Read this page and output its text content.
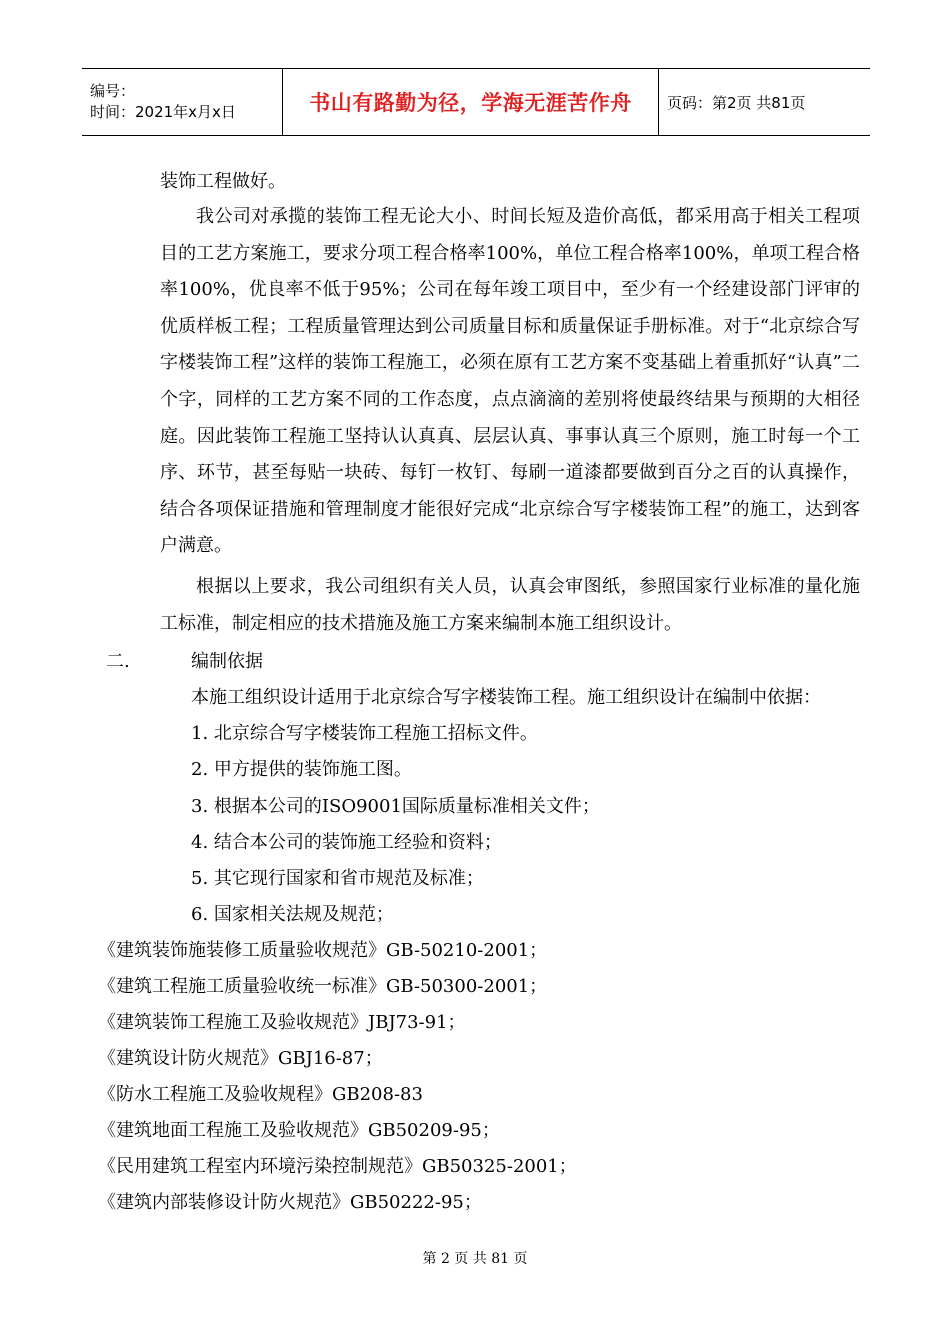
编号：
时间：2021年x月x日	书山有路勤为径，学海无涯苦作舟 页码：第2页 共81页
装饰工程做好。
我公司对承揽的装饰工程无论大小、时间长短及造价高低，都采用高于相关工程项目的工艺方案施工，要求分项工程合格率100%，单位工程合格率100%，单项工程合格率100%，优良率不低于95%；公司在每年竣工项目中，至少有一个经建设部门评审的优质样板工程；工程质量管理达到公司质量目标和质量保证手册标准。对于“北京综合写字楼装饰工程”这样的装饰工程施工，必须在原有工艺方案不变基础上着重抓好“认真”二个字，同样的工艺方案不同的工作态度，点点滴滴的差别将使最终结果与预期的大相径庭。因此装饰工程施工坚持认认真真、层层认真、事事认真三个原则，施工时每一个工序、环节，甚至每贴一块砖、每钉一枚钉、每刷一道漆都要做到百分之百的认真操作，结合各项保证措施和管理制度才能很好完成“北京综合写字楼装饰工程”的施工，达到客户满意。
根据以上要求，我公司组织有关人员，认真会审图纸，参照国家行业标准的量化施工标准，制定相应的技术措施及施工方案来编制本施工组织设计。
二.	编制依据
本施工组织设计适用于北京综合写字楼装饰工程。施工组织设计在编制中依据：
1. 北京综合写字楼装饰工程施工招标文件。
2. 甲方提供的装饰施工图。
3. 根据本公司的ISO9001国际质量标准相关文件；
4. 结合本公司的装饰施工经验和资料；
5. 其它现行国家和省市规范及标准；
6. 国家相关法规及规范；
《建筑装饰施装修工质量验收规范》GB-50210-2001；
《建筑工程施工质量验收统一标准》GB-50300-2001；
《建筑装饰工程施工及验收规范》JBJ73-91；
《建筑设计防火规范》GBJ16-87；
《防水工程施工及验收规程》GB208-83
《建筑地面工程施工及验收规范》GB50209-95；
《民用建筑工程室内环境污染控制规范》GB50325-2001；
《建筑内部装修设计防火规范》GB50222-95；
第 2 页 共 81 页
